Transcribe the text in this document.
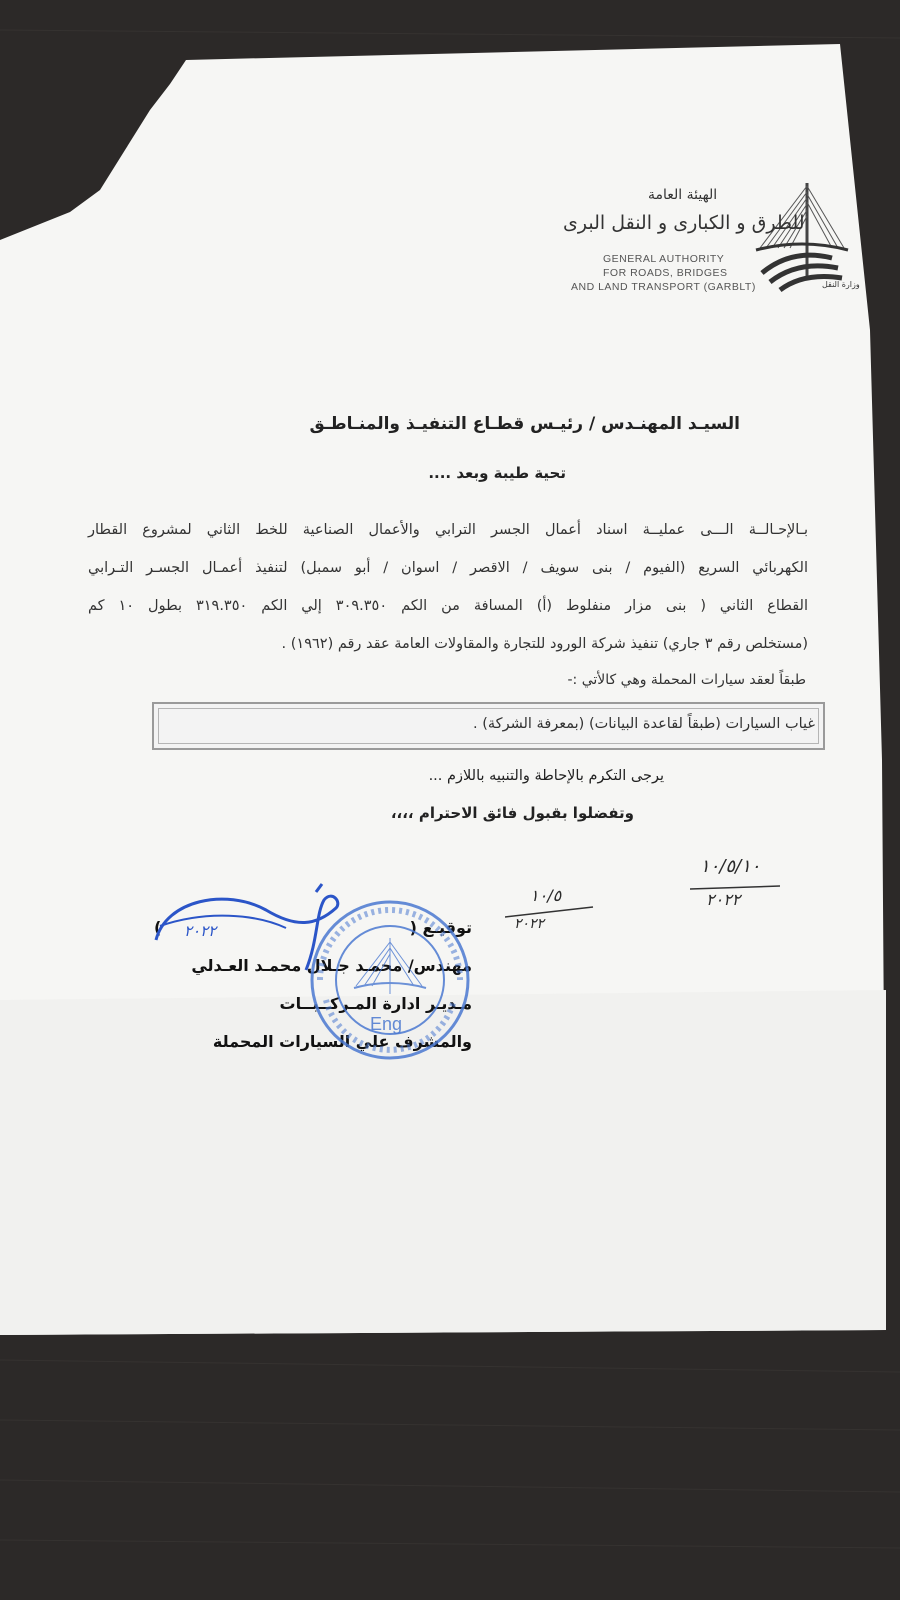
الهيئة العامة
للطرق و الكبارى و النقل البرى
GENERAL AUTHORITY
FOR ROADS, BRIDGES
AND LAND TRANSPORT (GARBLT)	وزارة النقل
السيـد المهنـدس / رئيـس قطـاع التنفيـذ والمنـاطـق
تحية طيبة وبعد ....
بـالإحـالــة الـــى عمليــة اسناد أعمال الجسر الترابي والأعمال الصناعية للخط الثاني لمشروع القطار
الكهربائي السريع (الفيوم / بنى سويف / الاقصر / اسوان / أبو سمبل) لتنفيذ أعمـال الجسـر التـرابي
القطاع الثاني ( بنى مزار منفلوط (أ) المسافة من الكم ٣٠٩.٣٥٠ إلي الكم ٣١٩.٣٥٠ بطول ١٠ كم
(مستخلص رقم ٣ جاري) تنفيذ شركة الورود للتجارة والمقاولات العامة عقد رقم (١٩٦٢) .
طبقاً لعقد سيارات المحملة وهي كالأتي :-
غياب السيارات (طبقاً لقاعدة البيانات) (بمعرفة الشركة) .
يرجى التكرم بالإحاطة والتنبيه باللازم ...
وتفضلوا بقبول فائق الاحترام ،،،،
١٠/٥/١٠
٢٠٢٢
١٠/٥
٢٠٢٢
توقيـع (
)
مهندس/ محمـد جـلال محمـد العـدلي
مـديـر ادارة المـركــبــات
والمشرف علي السيارات المحملة
Eng
٢٠٢٢
